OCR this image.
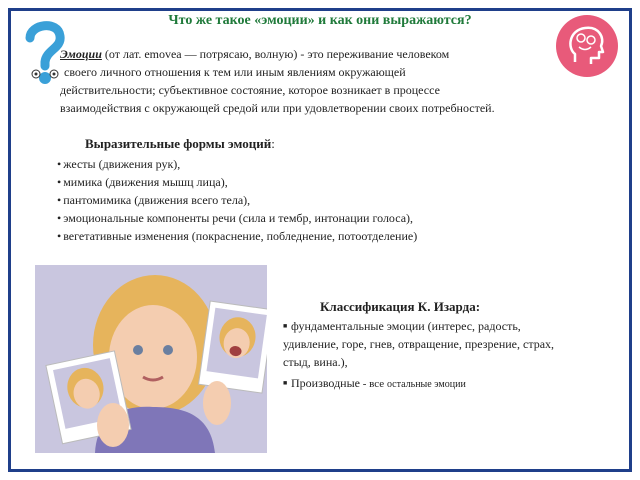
Что же такое «эмоции» и как они выражаются?
Эмоции (от лат. emovea — потрясаю, волную) - это переживание человеком
своего личного отношения к тем или иным явлениям окружающей
действительности; субъективное состояние, которое возникает в процессе
взаимодействия с окружающей средой или при удовлетворении своих потребностей.
Выразительные формы эмоций:
• жесты (движения рук),
• мимика (движения мышц лица),
• пантомимика (движения всего тела),
• эмоциональные компоненты речи (сила и тембр, интонации голоса),
• вегетативные изменения (покраснение, побледнение, потоотделение)
Классификация К. Изарда:
■ фундаментальные эмоции (интерес, радость,
удивление, горе, гнев, отвращение, презрение, страх,
стыд, вина.),
■ Производные - все остальные эмоции
